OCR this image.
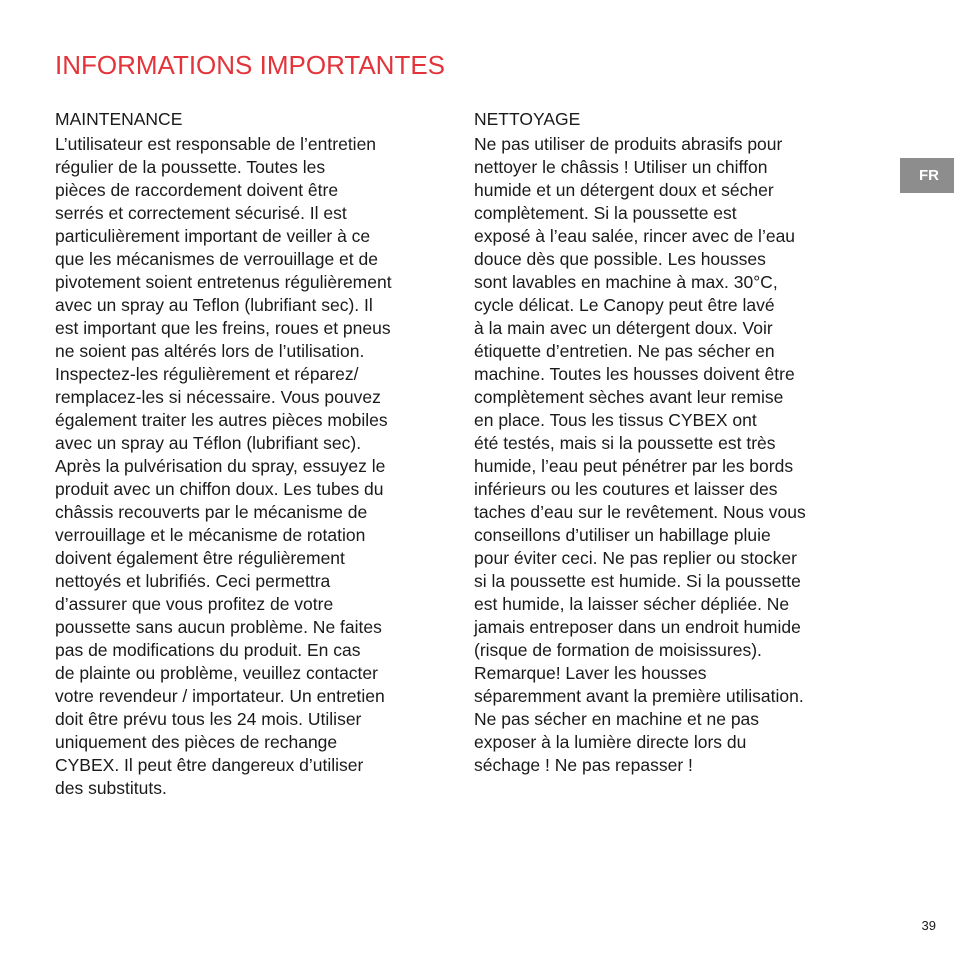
INFORMATIONS IMPORTANTES
MAINTENANCE
L’utilisateur est responsable de l’entretien
régulier de la poussette. Toutes les
pièces de raccordement doivent être
serrés et correctement sécurisé. Il est
particulièrement important de veiller à ce
que les mécanismes de verrouillage et de
pivotement soient entretenus régulièrement
avec un spray au Teflon (lubrifiant sec). Il
est important que les freins, roues et pneus
ne soient pas altérés lors de l’utilisation.
Inspectez-les régulièrement et réparez/
remplacez-les si nécessaire. Vous pouvez
également traiter les autres pièces mobiles
avec un spray au Téflon (lubrifiant sec).
Après la pulvérisation du spray, essuyez le
produit avec un chiffon doux. Les tubes du
châssis recouverts par le mécanisme de
verrouillage et le mécanisme de rotation
doivent également être régulièrement
nettoyés et lubrifiés. Ceci permettra
d’assurer que vous profitez de votre
poussette sans aucun problème. Ne faites
pas de modifications du produit. En cas
de plainte ou problème, veuillez contacter
votre revendeur / importateur. Un entretien
doit être prévu tous les 24 mois. Utiliser
uniquement des pièces de rechange
CYBEX. Il peut être dangereux d’utiliser
des substituts.
NETTOYAGE
Ne pas utiliser de produits abrasifs pour
nettoyer le châssis ! Utiliser un chiffon
humide et un détergent doux et sécher
complètement. Si la poussette est
exposé à l’eau salée, rincer avec de l’eau
douce dès que possible. Les housses
sont lavables en machine à max. 30°C,
cycle délicat. Le Canopy peut être lavé
à la main avec un détergent doux. Voir
étiquette d’entretien. Ne pas sécher en
machine. Toutes les housses doivent être
complètement sèches avant leur remise
en place. Tous les tissus CYBEX ont
été testés, mais si la poussette est très
humide, l’eau peut pénétrer par les bords
inférieurs ou les coutures et laisser des
taches d’eau sur le revêtement. Nous vous
conseillons d’utiliser un habillage pluie
pour éviter ceci. Ne pas replier ou stocker
si la poussette est humide. Si la poussette
est humide, la laisser sécher dépliée. Ne
jamais entreposer dans un endroit humide
(risque de formation de moisissures).
Remarque! Laver les housses
séparemment avant la première utilisation.
Ne pas sécher en machine et ne pas
exposer à la lumière directe lors du
séchage ! Ne pas repasser !
FR
39
